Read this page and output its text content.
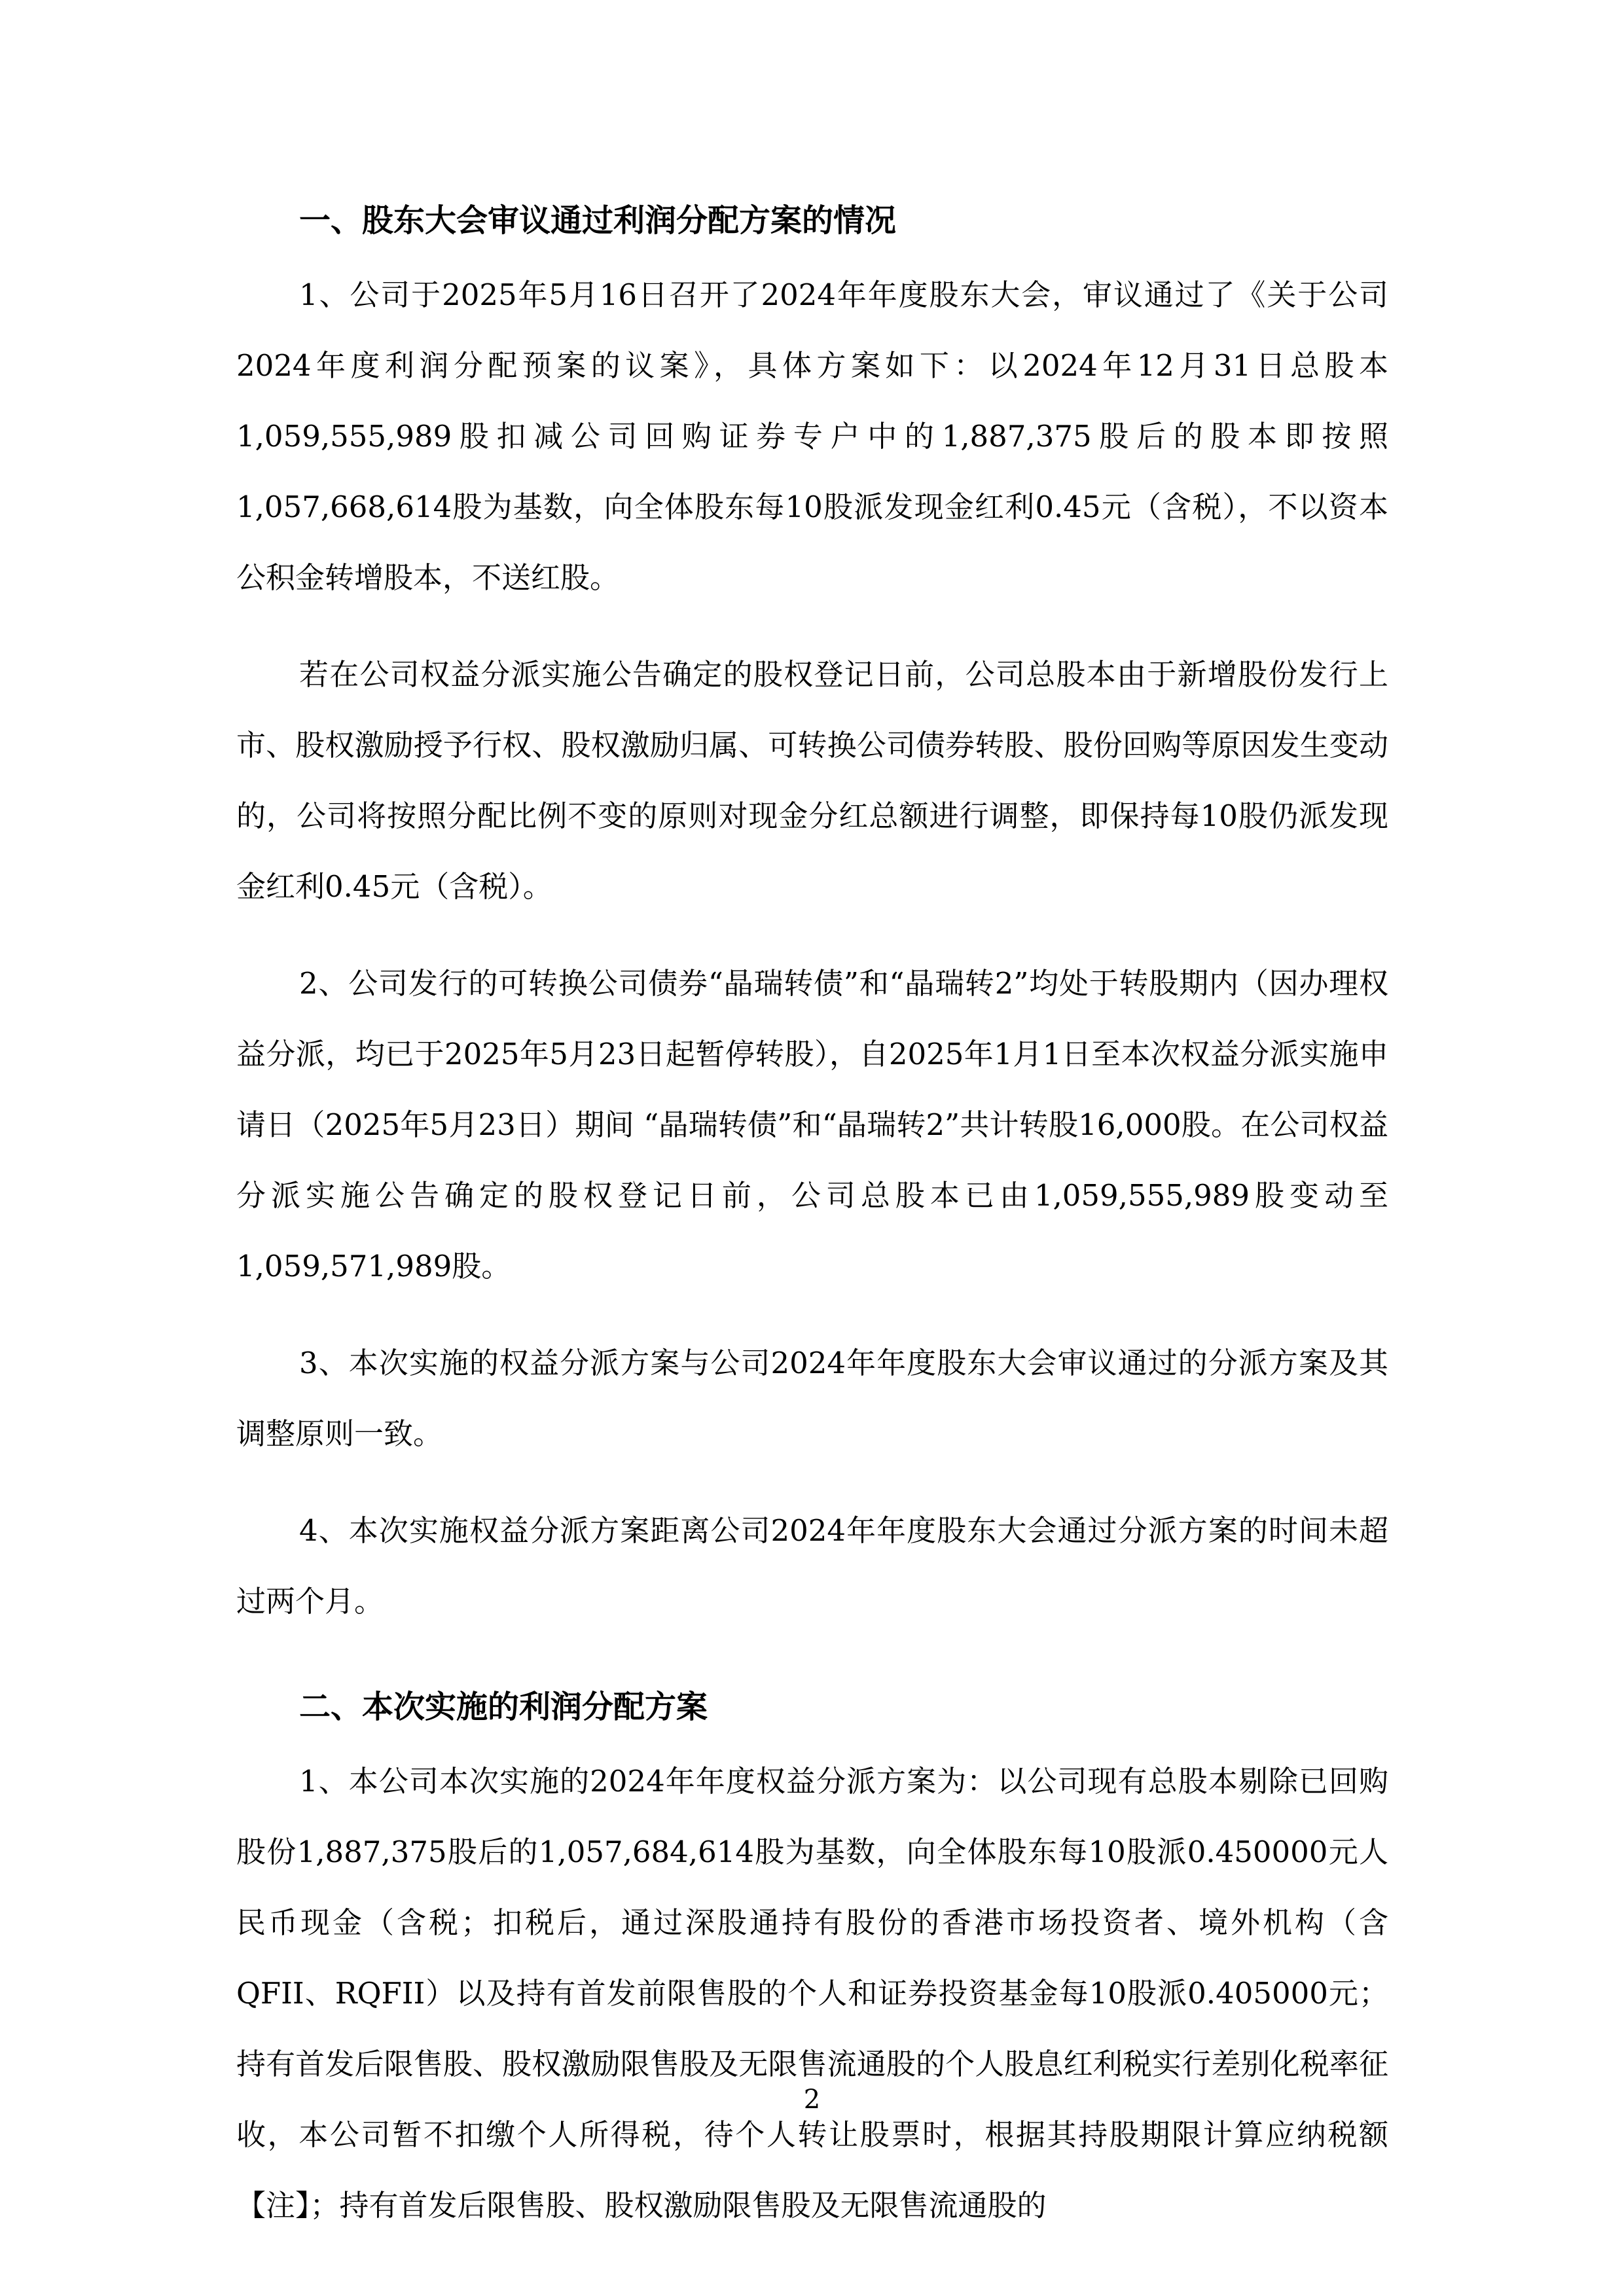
一、股东大会审议通过利润分配方案的情况

1、公司于2025年5月16日召开了2024年年度股东大会，审议通过了《关于公司2024年度利润分配预案的议案》，具体方案如下：以2024年12月31日总股本1,059,555,989股扣减公司回购证券专户中的1,887,375股后的股本即按照1,057,668,614股为基数，向全体股东每10股派发现金红利0.45元（含税），不以资本公积金转增股本，不送红股。

若在公司权益分派实施公告确定的股权登记日前，公司总股本由于新增股份发行上市、股权激励授予行权、股权激励归属、可转换公司债券转股、股份回购等原因发生变动的，公司将按照分配比例不变的原则对现金分红总额进行调整，即保持每10股仍派发现金红利0.45元（含税）。

2、公司发行的可转换公司债券“晶瑞转债”和“晶瑞转2”均处于转股期内（因办理权益分派，均已于2025年5月23日起暂停转股），自2025年1月1日至本次权益分派实施申请日（2025年5月23日）期间 “晶瑞转债”和“晶瑞转2”共计转股16,000股。在公司权益分派实施公告确定的股权登记日前，公司总股本已由1,059,555,989股变动至1,059,571,989股。

3、本次实施的权益分派方案与公司2024年年度股东大会审议通过的分派方案及其调整原则一致。

4、本次实施权益分派方案距离公司2024年年度股东大会通过分派方案的时间未超过两个月。

二、本次实施的利润分配方案

1、本公司本次实施的2024年年度权益分派方案为：以公司现有总股本剔除已回购股份1,887,375股后的1,057,684,614股为基数，向全体股东每10股派0.450000元人民币现金（含税；扣税后，通过深股通持有股份的香港市场投资者、境外机构（含QFII、RQFII）以及持有首发前限售股的个人和证券投资基金每10股派0.405000元；持有首发后限售股、股权激励限售股及无限售流通股的个人股息红利税实行差别化税率征收，本公司暂不扣缴个人所得税，待个人转让股票时，根据其持股期限计算应纳税额【注】；持有首发后限售股、股权激励限售股及无限售流通股的

2
